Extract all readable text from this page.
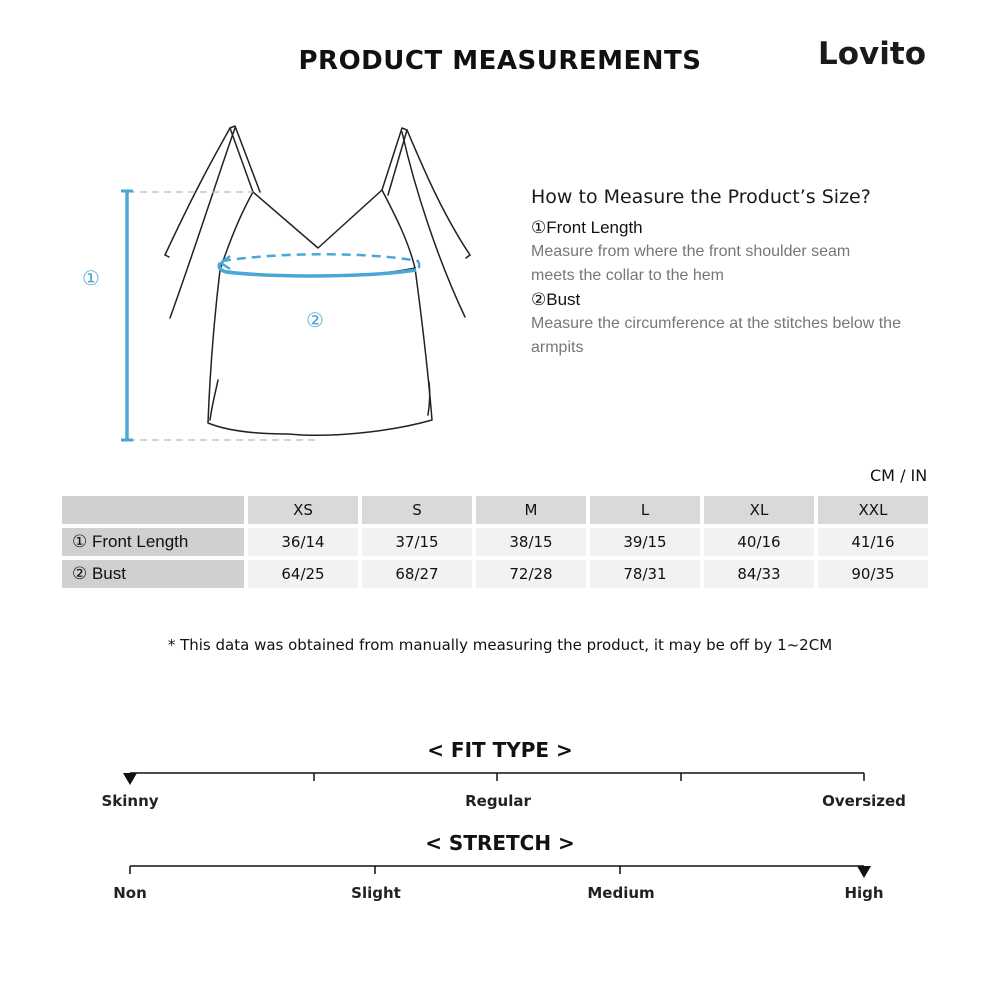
PRODUCT MEASUREMENTS	Lovito
①
②
How to Measure the Product’s Size?
①Front Length
Measure from where the front shoulder seam meets the collar to the hem
②Bust
Measure the circumference at the stitches below the armpits
CM / IN
	XS	S	M	L	XL	XXL
① Front Length	36/14	37/15	38/15	39/15	40/16	41/16
② Bust	64/25	68/27	72/28	78/31	84/33	90/35
* This data was obtained from manually measuring the product, it may be off by 1~2CM
< FIT TYPE >
Skinny	Regular	Oversized
< STRETCH >
Non	Slight	Medium	High
